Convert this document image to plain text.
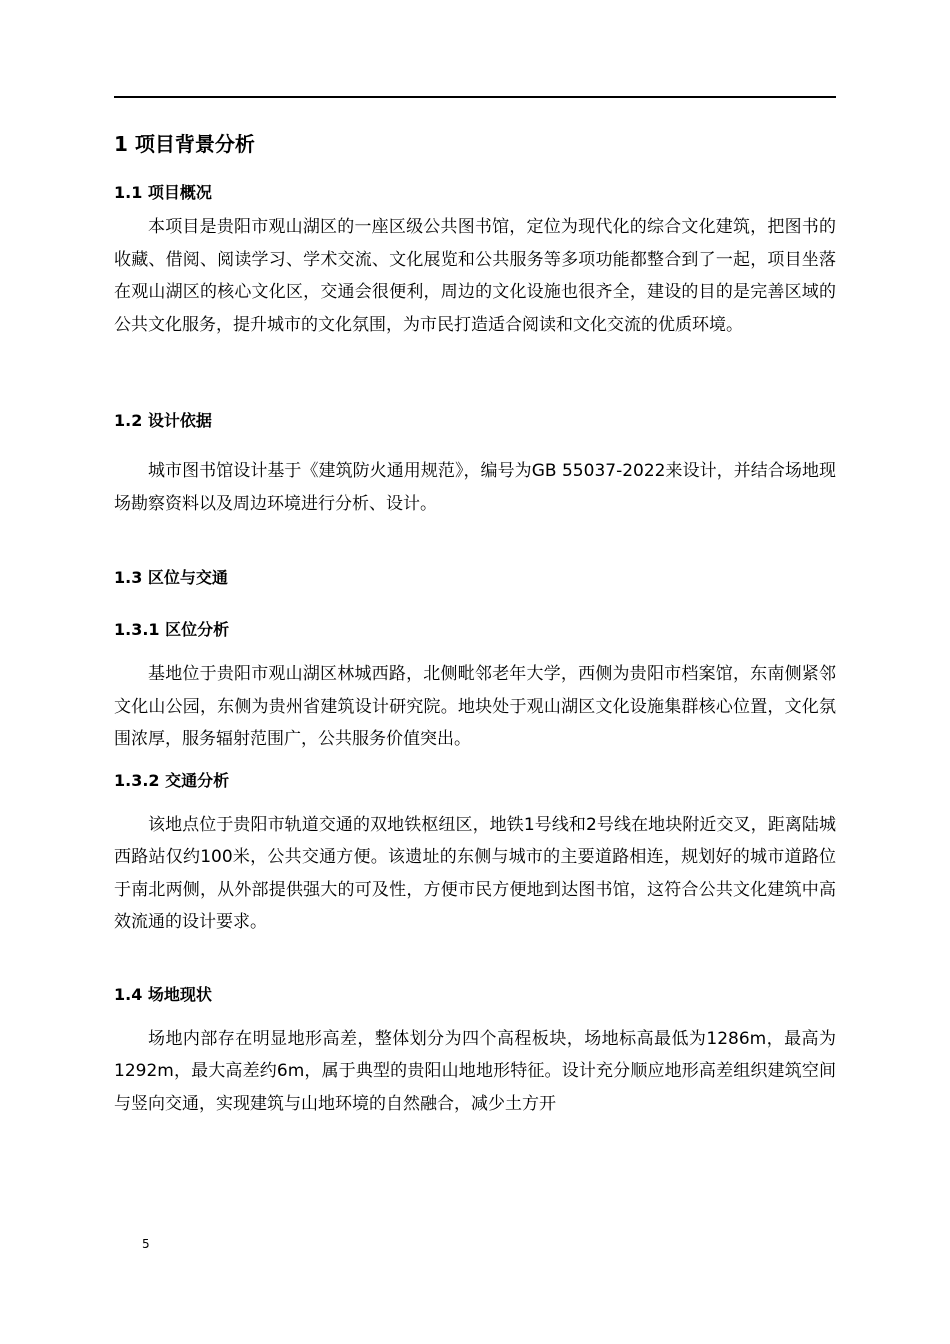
1 项目背景分析
1.1 项目概况

本项目是贵阳市观山湖区的一座区级公共图书馆，定位为现代化的综合文化建筑，把图书的收藏、借阅、阅读学习、学术交流、文化展览和公共服务等多项功能都整合到了一起，项目坐落在观山湖区的核心文化区，交通会很便利，周边的文化设施也很齐全，建设的目的是完善区域的公共文化服务，提升城市的文化氛围，为市民打造适合阅读和文化交流的优质环境。

1.2 设计依据

城市图书馆设计基于《建筑防火通用规范》，编号为GB 55037-2022来设计，并结合场地现场勘察资料以及周边环境进行分析、设计。

1.3 区位与交通
1.3.1 区位分析

基地位于贵阳市观山湖区林城西路，北侧毗邻老年大学，西侧为贵阳市档案馆，东南侧紧邻文化山公园，东侧为贵州省建筑设计研究院。地块处于观山湖区文化设施集群核心位置，文化氛围浓厚，服务辐射范围广，公共服务价值突出。

1.3.2 交通分析

该地点位于贵阳市轨道交通的双地铁枢纽区，地铁1号线和2号线在地块附近交叉，距离陆城西路站仅约100米，公共交通方便。该遗址的东侧与城市的主要道路相连，规划好的城市道路位于南北两侧，从外部提供强大的可及性，方便市民方便地到达图书馆，这符合公共文化建筑中高效流通的设计要求。

1.4 场地现状

场地内部存在明显地形高差，整体划分为四个高程板块，场地标高最低为1286m，最高为1292m，最大高差约6m，属于典型的贵阳山地地形特征。设计充分顺应地形高差组织建筑空间与竖向交通，实现建筑与山地环境的自然融合，减少土方开

5
